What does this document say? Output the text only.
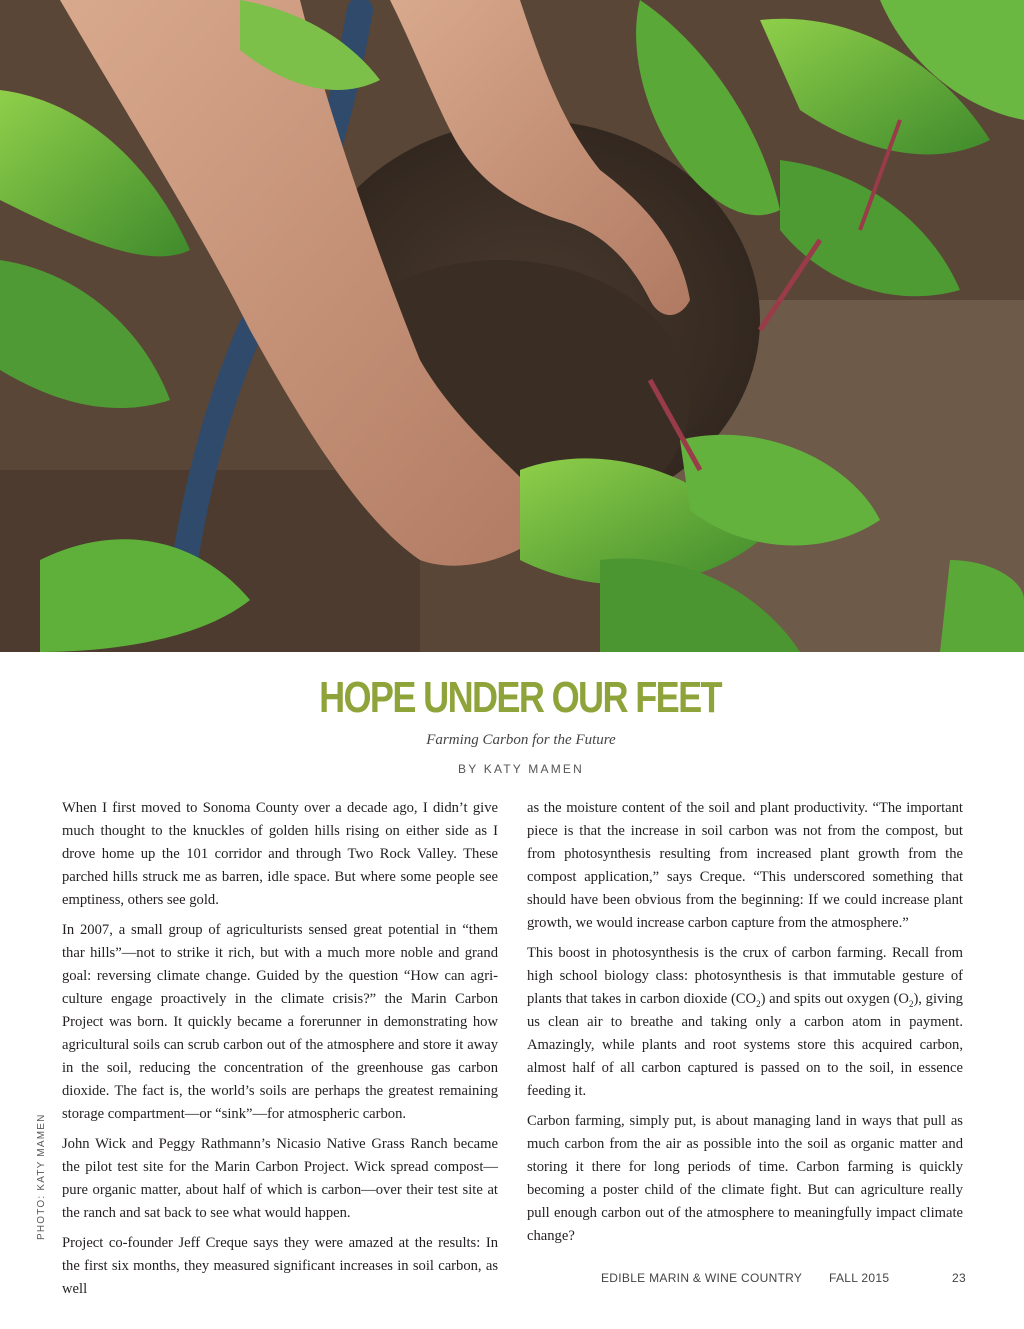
PHOTO: KATY MAMEN
HOPE UNDER OUR FEET

Farming Carbon for the Future

BY KATY MAMEN

When I first moved to Sonoma County over a decade ago, I didn’t give much thought to the knuckles of golden hills rising on either side as I drove home up the 101 corridor and through Two Rock Valley. These parched hills struck me as barren, idle space. But where some people see emptiness, others see gold.

In 2007, a small group of agriculturists sensed great potential in “them thar hills”—not to strike it rich, but with a much more noble and grand goal: reversing climate change. Guided by the question “How can agriculture engage proactively in the climate crisis?” the Marin Carbon Project was born. It quickly became a forerunner in demonstrating how agricultural soils can scrub carbon out of the atmosphere and store it away in the soil, reducing the concentration of the greenhouse gas carbon dioxide. The fact is, the world’s soils are perhaps the greatest remaining storage compartment—or “sink”—for atmospheric carbon.

John Wick and Peggy Rathmann’s Nicasio Native Grass Ranch became the pilot test site for the Marin Carbon Project. Wick spread compost—pure organic matter, about half of which is carbon—over their test site at the ranch and sat back to see what would happen.

Project co-founder Jeff Creque says they were amazed at the results: In the first six months, they measured significant increases in soil carbon, as well

as the moisture content of the soil and plant productivity. “The important piece is that the increase in soil carbon was not from the compost, but from photosynthesis resulting from increased plant growth from the compost application,” says Creque. “This underscored something that should have been obvious from the beginning: If we could increase plant growth, we would increase carbon capture from the atmosphere.”

This boost in photosynthesis is the crux of carbon farming. Recall from high school biology class: photosynthesis is that immutable gesture of plants that takes in carbon dioxide $(CO_2)$ and spits out oxygen $(O_2)$, giving us clean air to breathe and taking only a carbon atom in payment. Amazingly, while plants and root systems store this acquired carbon, almost half of all carbon captured is passed on to the soil, in essence feeding it.

Carbon farming, simply put, is about managing land in ways that pull as much carbon from the air as possible into the soil as organic matter and storing it there for long periods of time. Carbon farming is quickly becoming a poster child of the climate fight. But can agriculture really pull enough carbon out of the atmosphere to meaningfully impact climate change?

EDIBLE MARIN & WINE COUNTRY FALL 2015	23
